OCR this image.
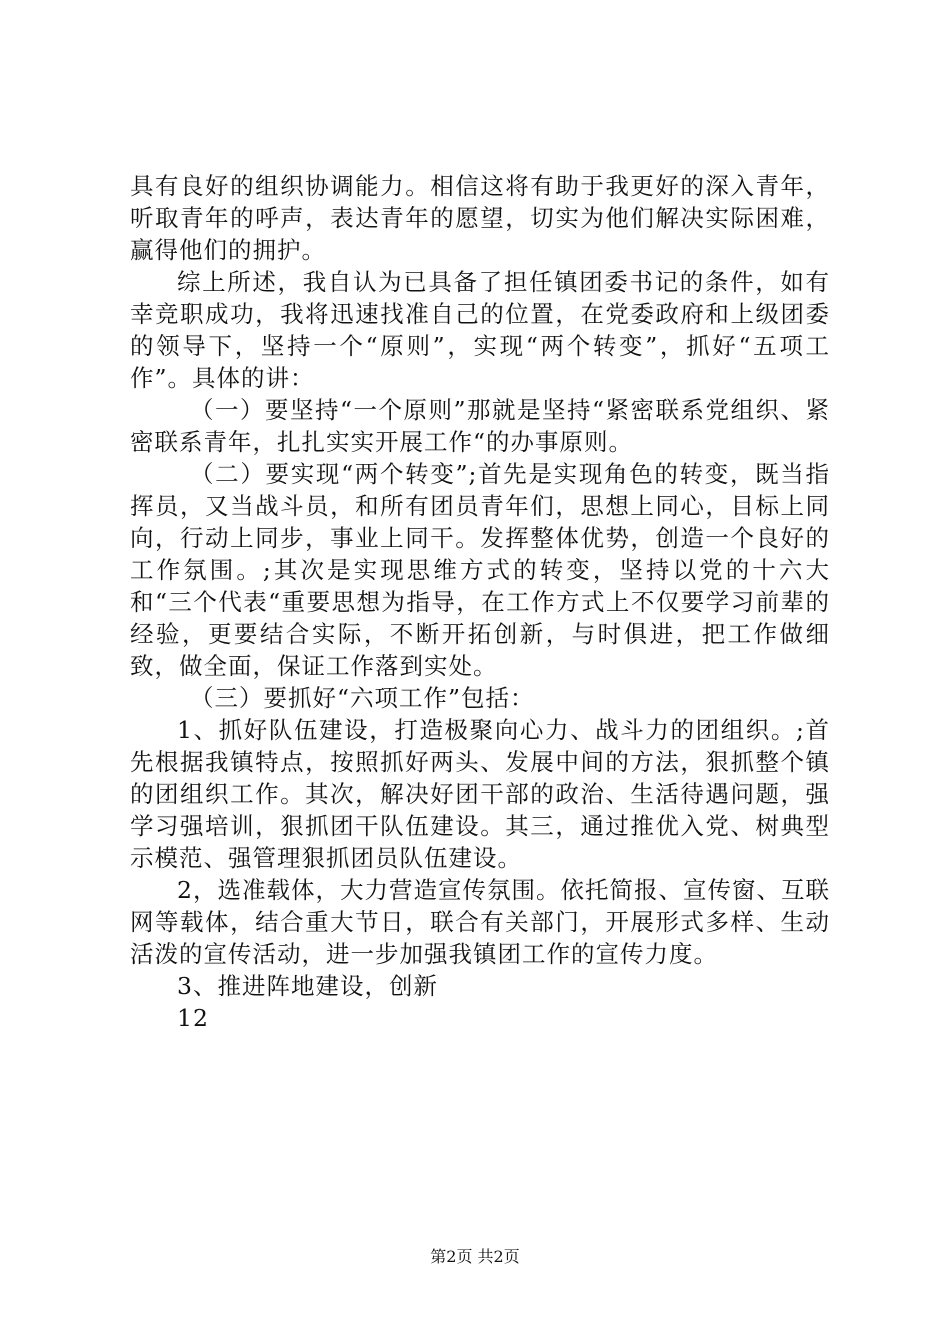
具有良好的组织协调能力。相信这将有助于我更好的深入青年，听取青年的呼声，表达青年的愿望，切实为他们解决实际困难，赢得他们的拥护。

综上所述，我自认为已具备了担任镇团委书记的条件，如有幸竞职成功，我将迅速找准自己的位置，在党委政府和上级团委的领导下，坚持一个“原则”，实现“两个转变”，抓好“五项工作”。具体的讲：

（一）要坚持“一个原则”那就是坚持“紧密联系党组织、紧密联系青年，扎扎实实开展工作“的办事原则。

（二）要实现“两个转变”;首先是实现角色的转变，既当指挥员，又当战斗员，和所有团员青年们，思想上同心，目标上同向，行动上同步，事业上同干。发挥整体优势，创造一个良好的工作氛围。;其次是实现思维方式的转变，坚持以党的十六大和“三个代表“重要思想为指导，在工作方式上不仅要学习前辈的经验，更要结合实际，不断开拓创新，与时俱进，把工作做细致，做全面，保证工作落到实处。

（三）要抓好“六项工作”包括：

1、抓好队伍建设，打造极聚向心力、战斗力的团组织。;首先根据我镇特点，按照抓好两头、发展中间的方法，狠抓整个镇的团组织工作。其次，解决好团干部的政治、生活待遇问题，强学习强培训，狠抓团干队伍建设。其三，通过推优入党、树典型示模范、强管理狠抓团员队伍建设。

2，选准载体，大力营造宣传氛围。依托简报、宣传窗、互联网等载体，结合重大节日，联合有关部门，开展形式多样、生动活泼的宣传活动，进一步加强我镇团工作的宣传力度。

3、推进阵地建设，创新

12

第2页 共2页
